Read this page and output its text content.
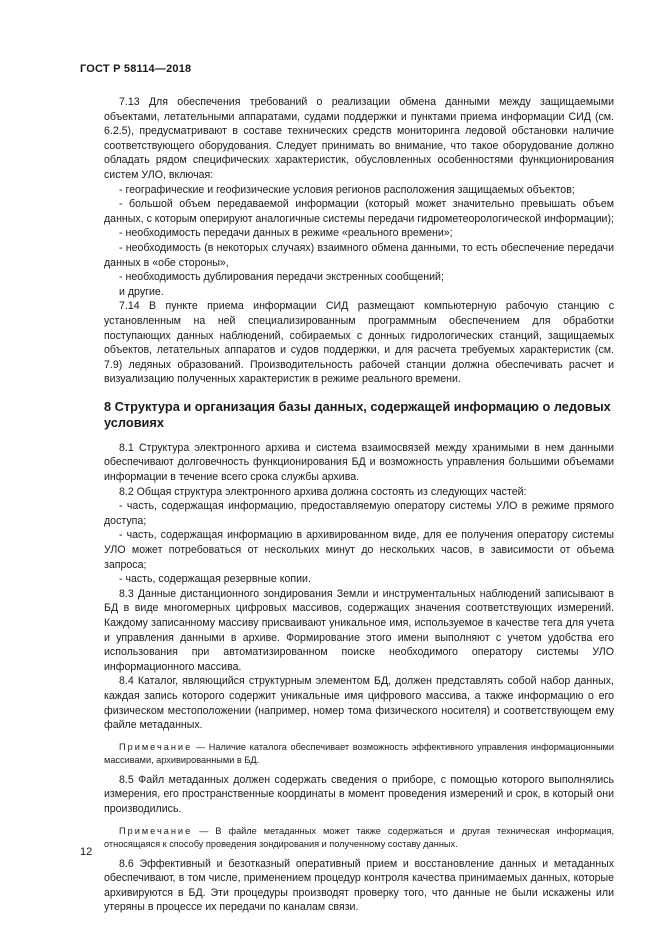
ГОСТ Р 58114—2018

7.13 Для обеспечения требований о реализации обмена данными между защищаемыми объектами, летательными аппаратами, судами поддержки и пунктами приема информации СИД (см. 6.2.5), предусматривают в составе технических средств мониторинга ледовой обстановки наличие соответствующего оборудования. Следует принимать во внимание, что такое оборудование должно обладать рядом специфических характеристик, обусловленных особенностями функционирования систем УЛО, включая:

- географические и геофизические условия регионов расположения защищаемых объектов;

- большой объем передаваемой информации (который может значительно превышать объем данных, с которым оперируют аналогичные системы передачи гидрометеорологической информации);

- необходимость передачи данных в режиме «реального времени»;

- необходимость (в некоторых случаях) взаимного обмена данными, то есть обеспечение передачи данных в «обе стороны»,

- необходимость дублирования передачи экстренных сообщений;

и другие.

7.14 В пункте приема информации СИД размещают компьютерную рабочую станцию с установленным на ней специализированным программным обеспечением для обработки поступающих данных наблюдений, собираемых с донных гидрологических станций, защищаемых объектов, летательных аппаратов и судов поддержки, и для расчета требуемых характеристик (см. 7.9) ледяных образований. Производительность рабочей станции должна обеспечивать расчет и визуализацию полученных характеристик в режиме реального времени.

8 Структура и организация базы данных, содержащей информацию о ледовых условиях

8.1 Структура электронного архива и система взаимосвязей между хранимыми в нем данными обеспечивают долговечность функционирования БД и возможность управления большими объемами информации в течение всего срока службы архива.

8.2 Общая структура электронного архива должна состоять из следующих частей:

- часть, содержащая информацию, предоставляемую оператору системы УЛО в режиме прямого доступа;

- часть, содержащая информацию в архивированном виде, для ее получения оператору системы УЛО может потребоваться от нескольких минут до нескольких часов, в зависимости от объема запроса;

- часть, содержащая резервные копии.

8.3 Данные дистанционного зондирования Земли и инструментальных наблюдений записывают в БД в виде многомерных цифровых массивов, содержащих значения соответствующих измерений. Каждому записанному массиву присваивают уникальное имя, используемое в качестве тега для учета и управления данными в архиве. Формирование этого имени выполняют с учетом удобства его использования при автоматизированном поиске необходимого оператору системы УЛО информационного массива.

8.4 Каталог, являющийся структурным элементом БД, должен представлять собой набор данных, каждая запись которого содержит уникальные имя цифрового массива, а также информацию о его физическом местоположении (например, номер тома физического носителя) и соответствующем ему файле метаданных.

Примечание — Наличие каталога обеспечивает возможность эффективного управления информационными массивами, архивированными в БД.

8.5 Файл метаданных должен содержать сведения о приборе, с помощью которого выполнялись измерения, его пространственные координаты в момент проведения измерений и срок, в который они производились.

Примечание — В файле метаданных может также содержаться и другая техническая информация, относящаяся к способу проведения зондирования и полученному составу данных.

8.6 Эффективный и безотказный оперативный прием и восстановление данных и метаданных обеспечивают, в том числе, применением процедур контроля качества принимаемых данных, которые архивируются в БД. Эти процедуры производят проверку того, что данные не были искажены или утеряны в процессе их передачи по каналам связи.

12
